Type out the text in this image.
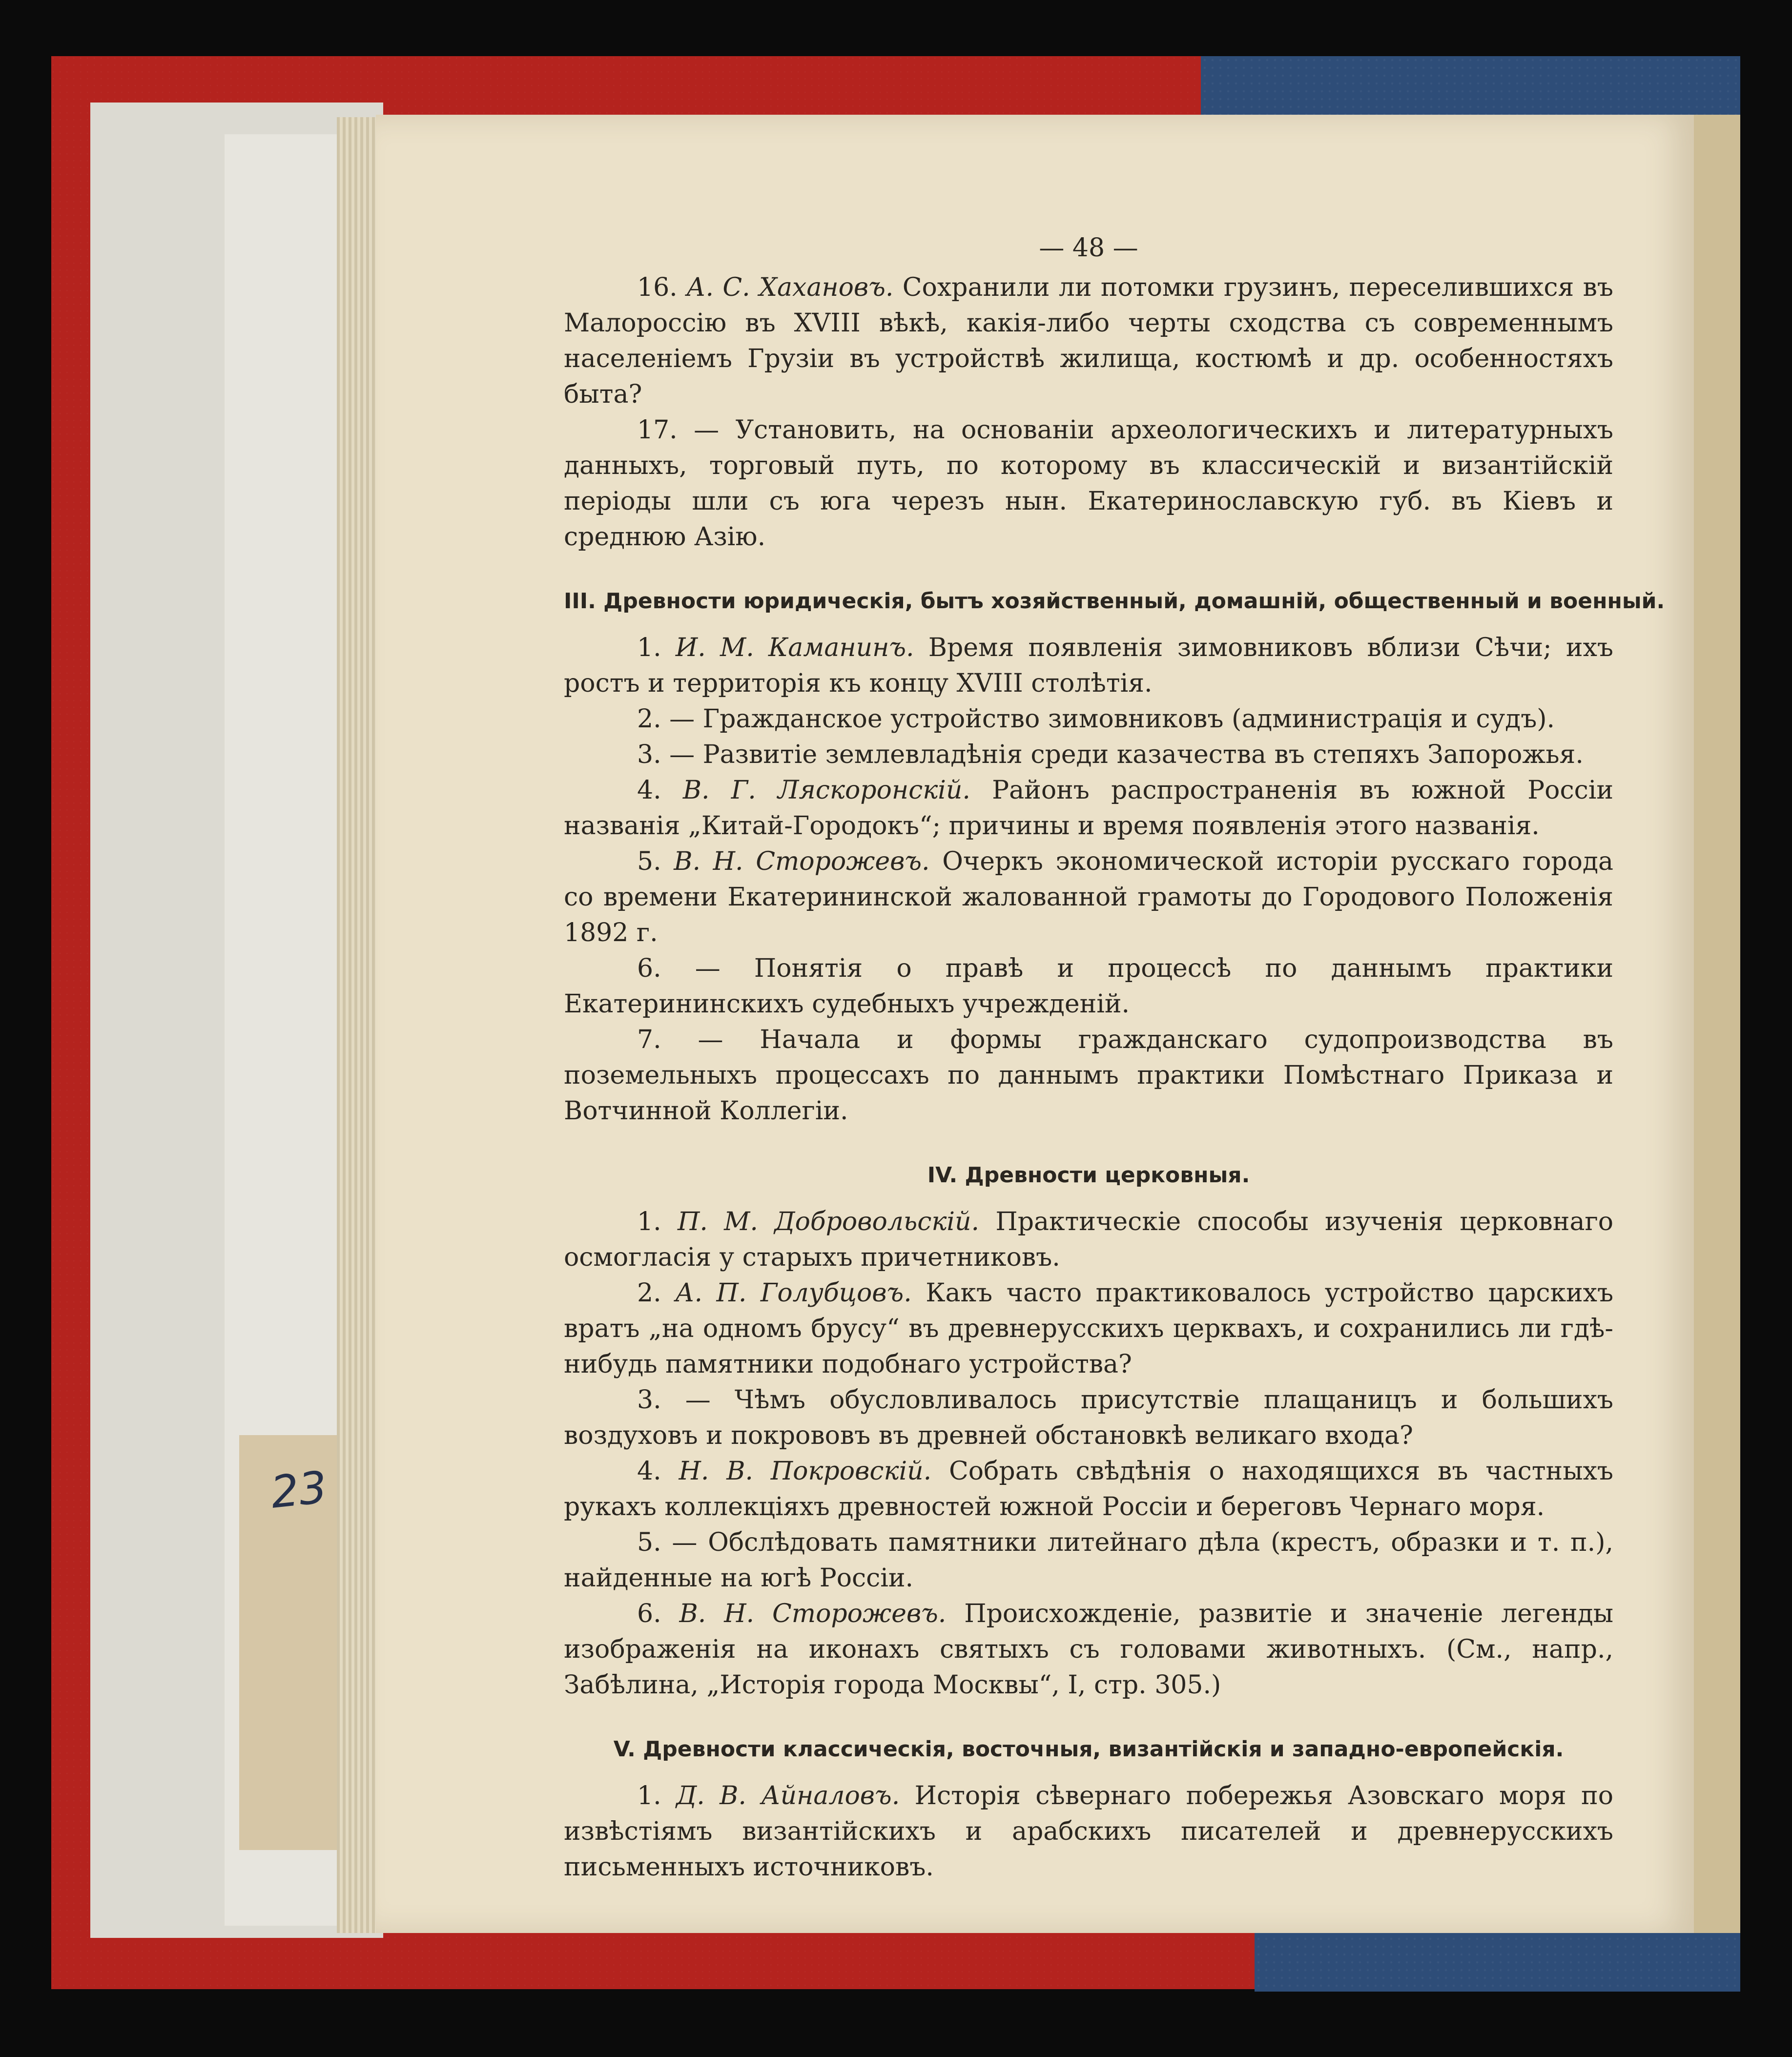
23
— 48 —

16. А. С. Хахановъ. Сохранили ли потомки грузинъ, переселившихся въ Малороссію въ XVIII вѣкѣ, какія-либо черты сходства съ современнымъ населеніемъ Грузіи въ устройствѣ жилища, костюмѣ и др. особенностяхъ быта?

17. — Установить, на основаніи археологическихъ и литературныхъ данныхъ, торговый путь, по которому въ классическій и византійскій періоды шли съ юга черезъ нын. Екатеринославскую губ. въ Кіевъ и среднюю Азію.

III. Древности юридическія, бытъ хозяйственный, домашній, общественный и военный.

1. И. М. Каманинъ. Время появленія зимовниковъ вблизи Сѣчи; ихъ ростъ и территорія къ концу XVIII столѣтія.

2. — Гражданское устройство зимовниковъ (администрація и судъ).

3. — Развитіе землевладѣнія среди казачества въ степяхъ Запорожья.

4. В. Г. Ляскоронскій. Районъ распространенія въ южной Россіи названія „Китай-Городокъ“; причины и время появленія этого названія.

5. В. Н. Сторожевъ. Очеркъ экономической исторіи русскаго города со времени Екатерининской жалованной грамоты до Городового Положенія 1892 г.

6. — Понятія о правѣ и процессѣ по даннымъ практики Екатерининскихъ судебныхъ учрежденій.

7. — Начала и формы гражданскаго судопроизводства въ поземельныхъ процессахъ по даннымъ практики Помѣстнаго Приказа и Вотчинной Коллегіи.

IV. Древности церковныя.

1. П. М. Добровольскій. Практическіе способы изученія церковнаго осмогласія у старыхъ причетниковъ.

2. А. П. Голубцовъ. Какъ часто практиковалось устройство царскихъ вратъ „на одномъ брусу“ въ древнерусскихъ церквахъ, и сохранились ли гдѣ-нибудь памятники подобнаго устройства?

3. — Чѣмъ обусловливалось присутствіе плащаницъ и большихъ воздуховъ и покрововъ въ древней обстановкѣ великаго входа?

4. Н. В. Покровскій. Собрать свѣдѣнія о находящихся въ частныхъ рукахъ коллекціяхъ древностей южной Россіи и береговъ Чернаго моря.

5. — Обслѣдовать памятники литейнаго дѣла (крестъ, образки и т. п.), найденные на югѣ Россіи.

6. В. Н. Сторожевъ. Происхожденіе, развитіе и значеніе легенды изображенія на иконахъ святыхъ съ головами животныхъ. (См., напр., Забѣлина, „Исторія города Москвы“, I, стр. 305.)

V. Древности классическія, восточныя, византійскія и западно-европейскія.

1. Д. В. Айналовъ. Исторія сѣвернаго побережья Азовскаго моря по извѣстіямъ византійскихъ и арабскихъ писателей и древнерусскихъ письменныхъ источниковъ.
